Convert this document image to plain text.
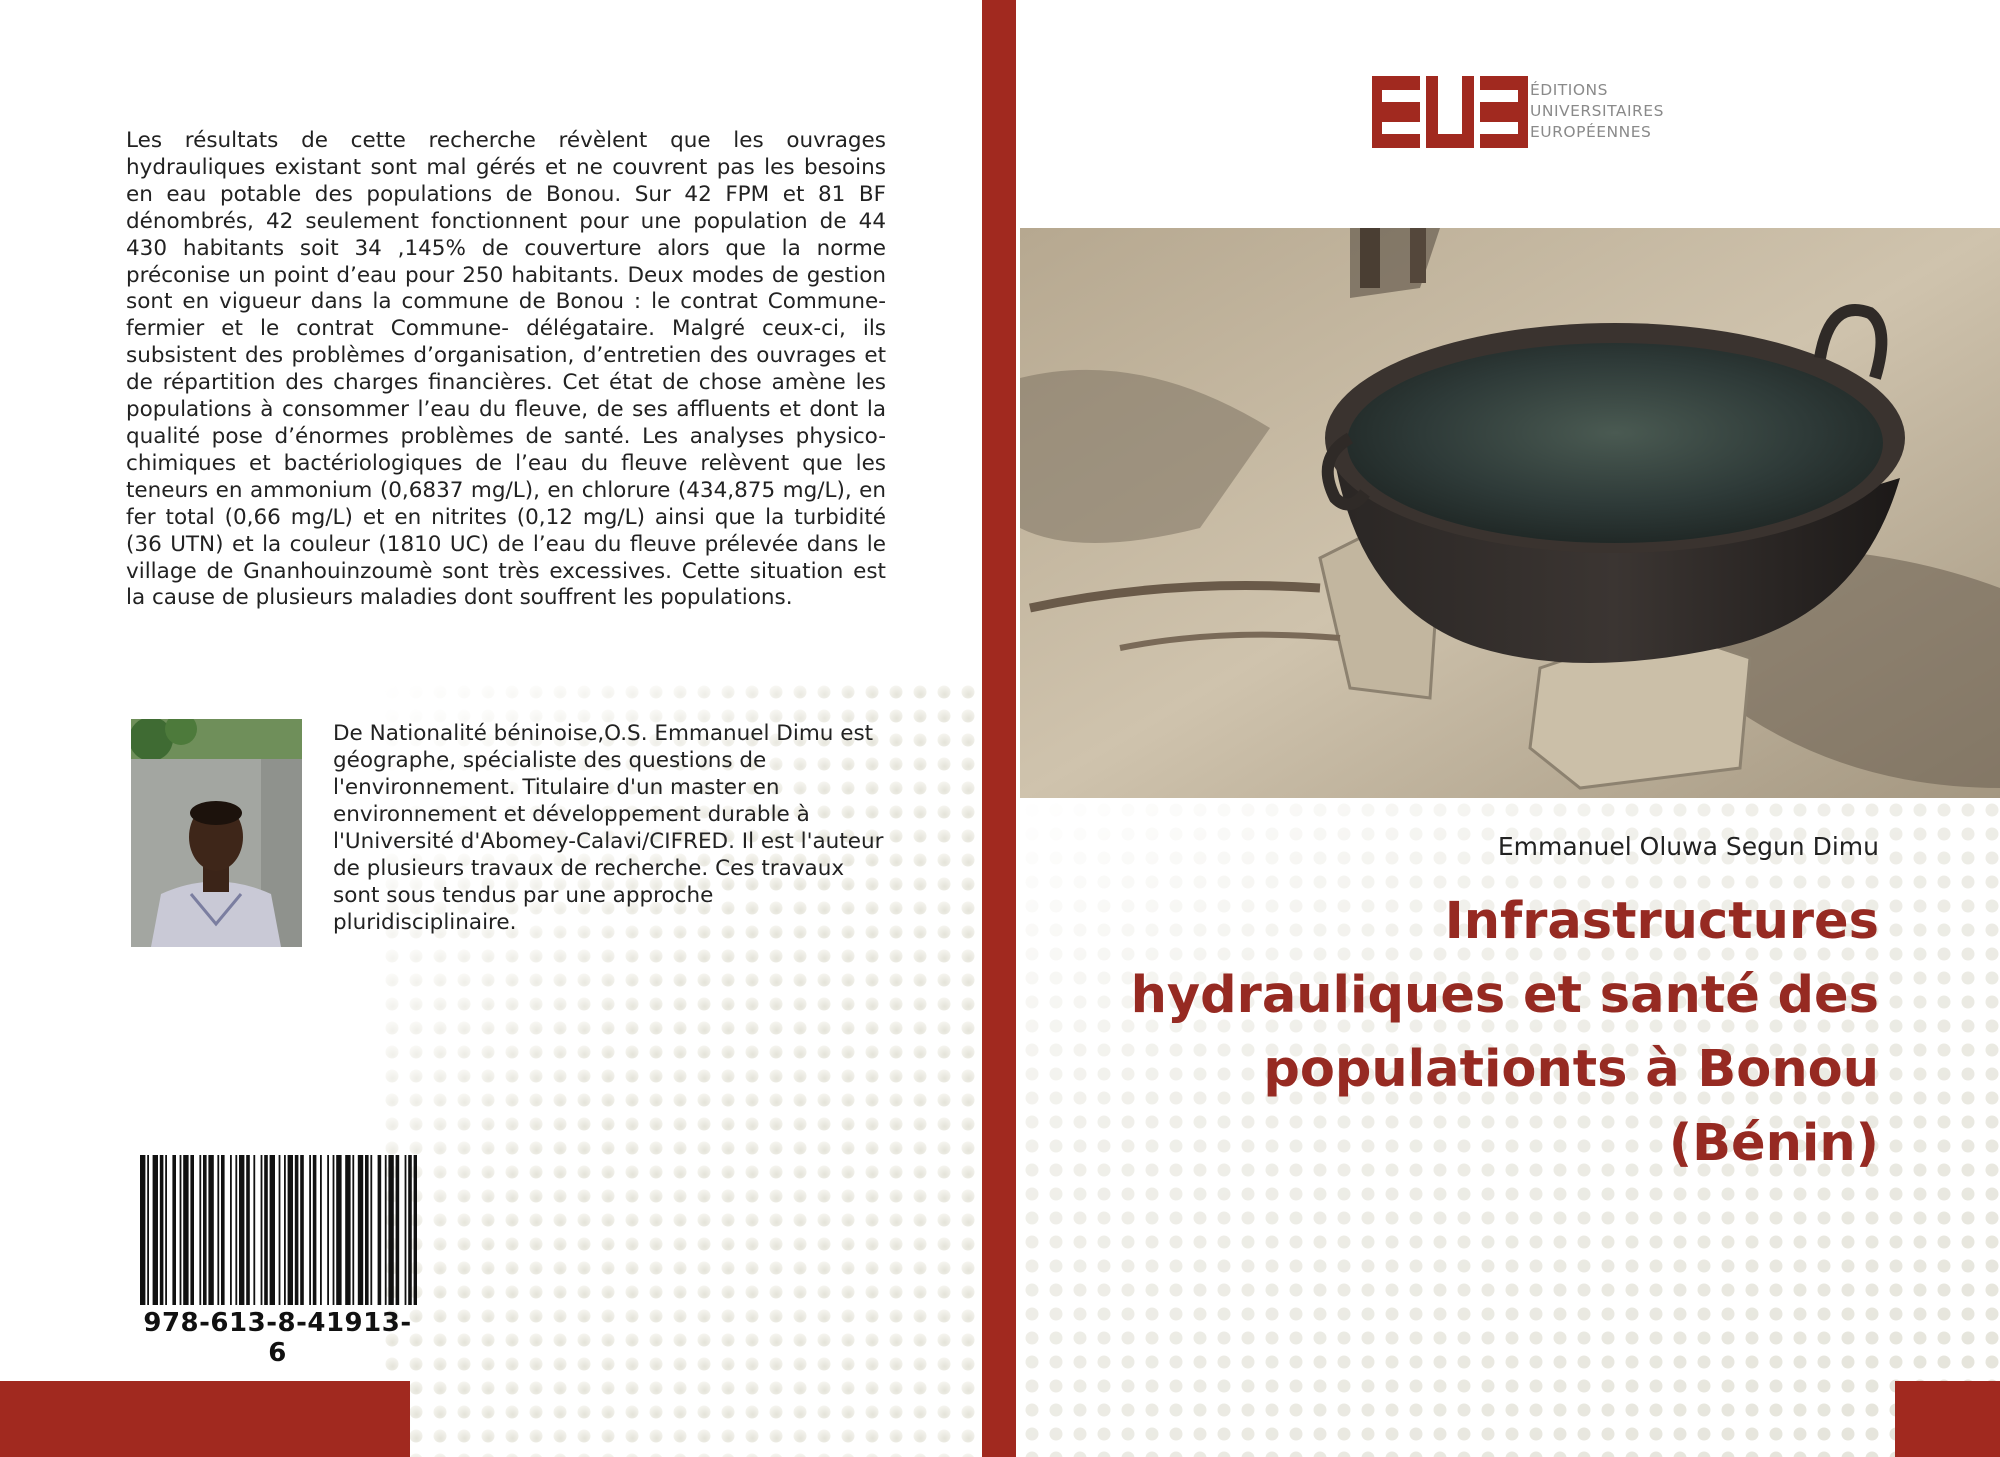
Les résultats de cette recherche révèlent que les ouvrages hydrauliques existant sont mal gérés et ne couvrent pas les besoins en eau potable des populations de Bonou. Sur 42 FPM et 81 BF dénombrés, 42 seulement fonctionnent pour une population de 44 430 habitants soit 34 ,145% de couverture alors que la norme préconise un point d’eau pour 250 habitants. Deux modes de gestion sont en vigueur dans la commune de Bonou : le contrat Commune- fermier et le contrat Commune- délégataire. Malgré ceux-ci, ils subsistent des problèmes d’organisation, d’entretien des ouvrages et de répartition des charges financières. Cet état de chose amène les populations à consommer l’eau du fleuve, de ses affluents et dont la qualité pose d’énormes problèmes de santé. Les analyses physico-chimiques et bactériologiques de l’eau du fleuve relèvent que les teneurs en ammonium (0,6837 mg/L), en chlorure (434,875 mg/L), en fer total (0,66 mg/L) et en nitrites (0,12 mg/L) ainsi que la turbidité (36 UTN) et la couleur (1810 UC) de l’eau du fleuve prélevée dans le village de Gnanhouinzoumè sont très excessives. Cette situation est la cause de plusieurs maladies dont souffrent les populations.
De Nationalité béninoise,O.S. Emmanuel Dimu est géographe, spécialiste des questions de l'environnement. Titulaire d'un master en environnement et développement durable à l'Université d'Abomey-Calavi/CIFRED. Il est l'auteur de plusieurs travaux de recherche. Ces travaux sont sous tendus par une approche pluridisciplinaire.
978-613-8-41913-6
ÉDITIONS
UNIVERSITAIRES
EUROPÉENNES
Emmanuel Oluwa Segun Dimu
Infrastructures
hydrauliques et santé des
populationts à Bonou
(Bénin)
